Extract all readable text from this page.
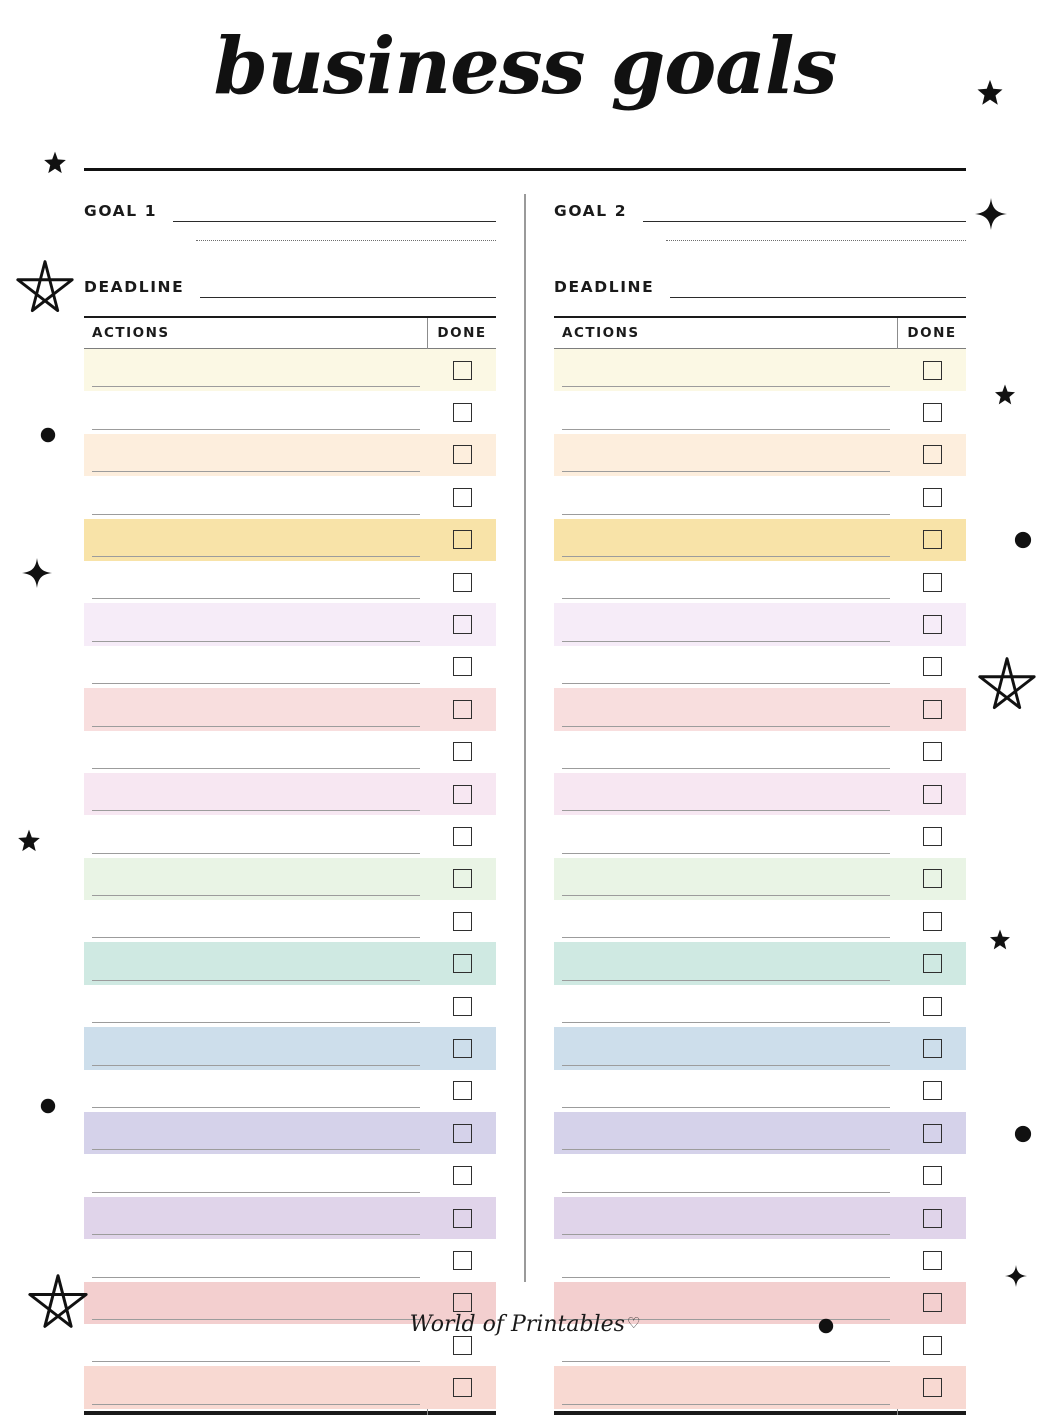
business goals
GOAL 1
DEADLINE
ACTIONS	DONE
GOAL 2
DEADLINE
ACTIONS	DONE
World of Printables ♡
